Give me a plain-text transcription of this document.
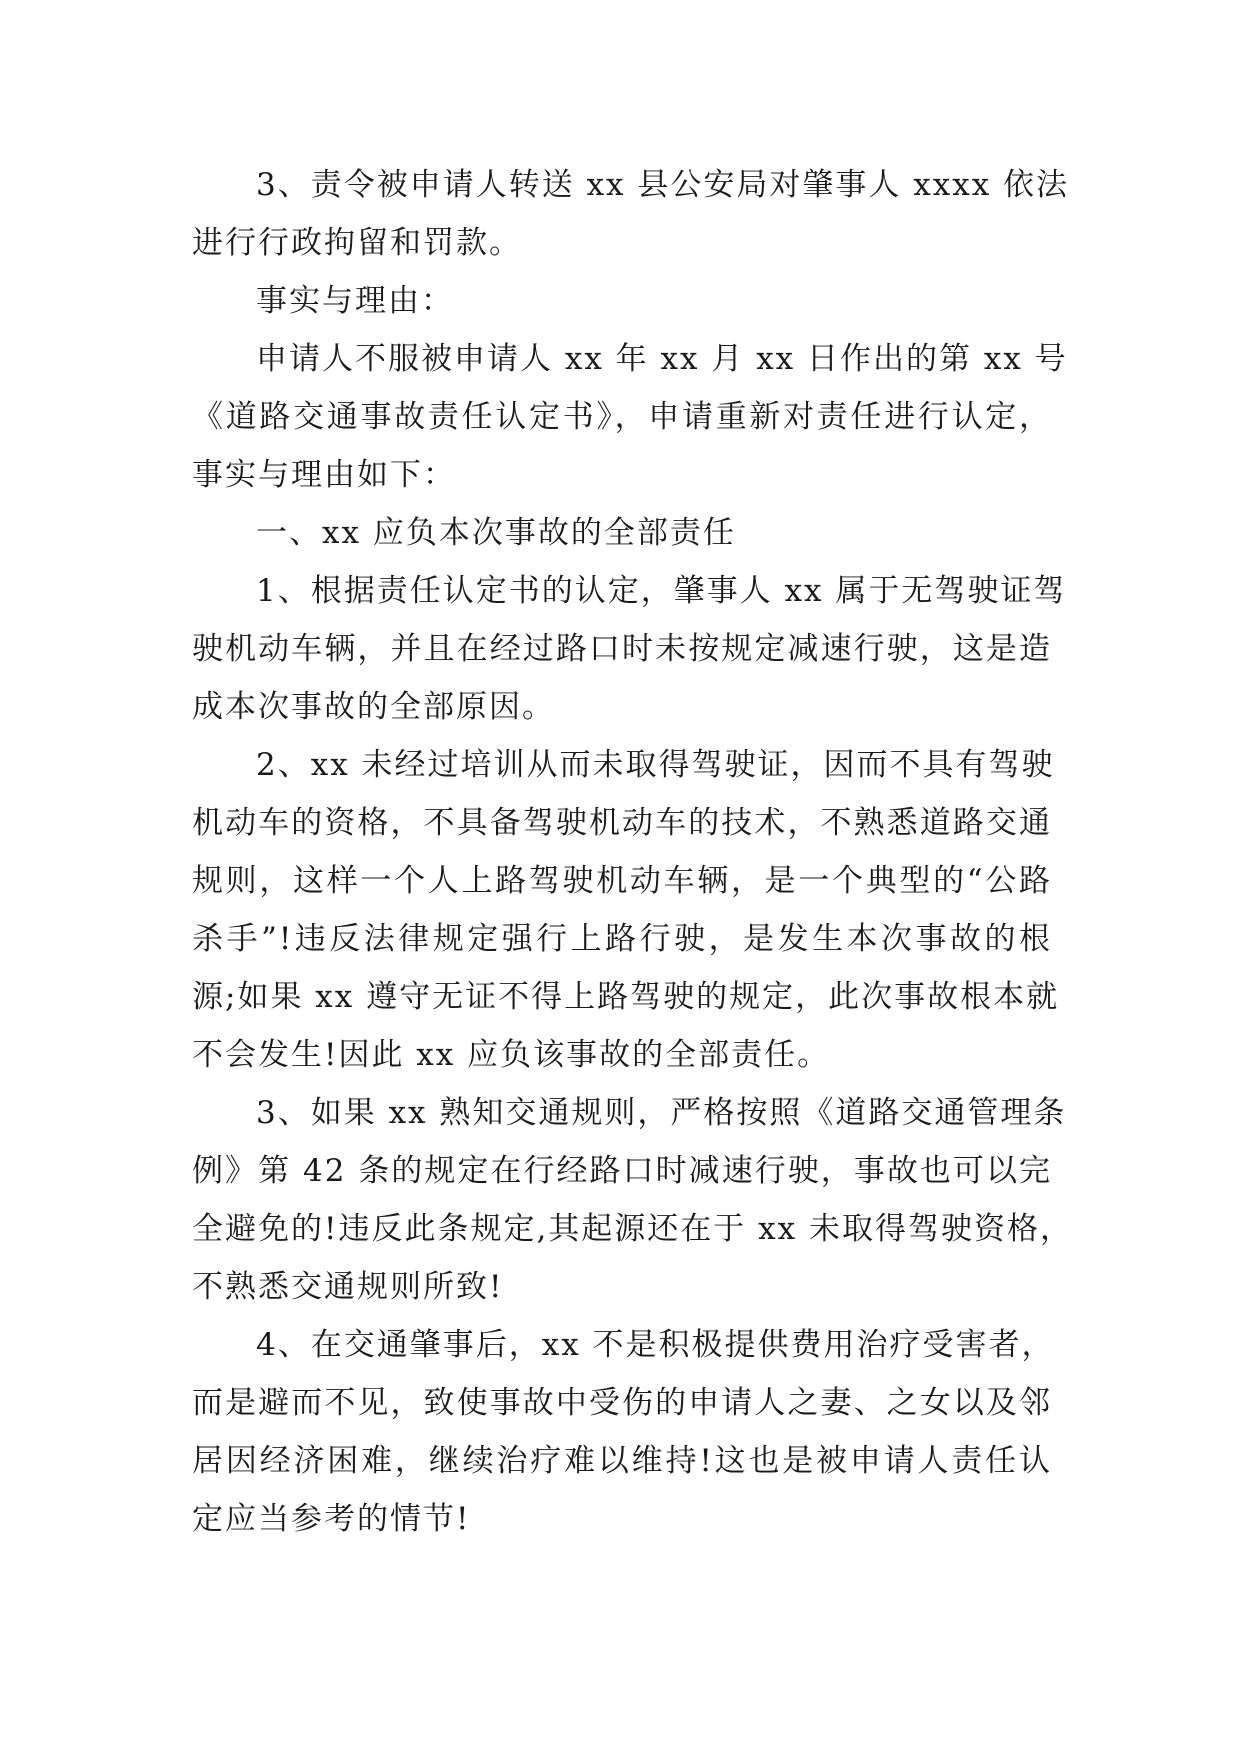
3、责令被申请人转送 xx 县公安局对肇事人 xxxx 依法
进行行政拘留和罚款。
事实与理由：
申请人不服被申请人 xx 年 xx 月 xx 日作出的第 xx 号
《道路交通事故责任认定书》，申请重新对责任进行认定，
事实与理由如下：
一、xx 应负本次事故的全部责任
1、根据责任认定书的认定，肇事人 xx 属于无驾驶证驾
驶机动车辆，并且在经过路口时未按规定减速行驶，这是造
成本次事故的全部原因。
2、xx 未经过培训从而未取得驾驶证，因而不具有驾驶
机动车的资格，不具备驾驶机动车的技术，不熟悉道路交通
规则，这样一个人上路驾驶机动车辆，是一个典型的“公路
杀手”!违反法律规定强行上路行驶，是发生本次事故的根
源;如果 xx 遵守无证不得上路驾驶的规定，此次事故根本就
不会发生!因此 xx 应负该事故的全部责任。
3、如果 xx 熟知交通规则，严格按照《道路交通管理条
例》第 42 条的规定在行经路口时减速行驶，事故也可以完
全避免的!违反此条规定,其起源还在于 xx 未取得驾驶资格，
不熟悉交通规则所致!
4、在交通肇事后，xx 不是积极提供费用治疗受害者，
而是避而不见，致使事故中受伤的申请人之妻、之女以及邻
居因经济困难，继续治疗难以维持!这也是被申请人责任认
定应当参考的情节!
